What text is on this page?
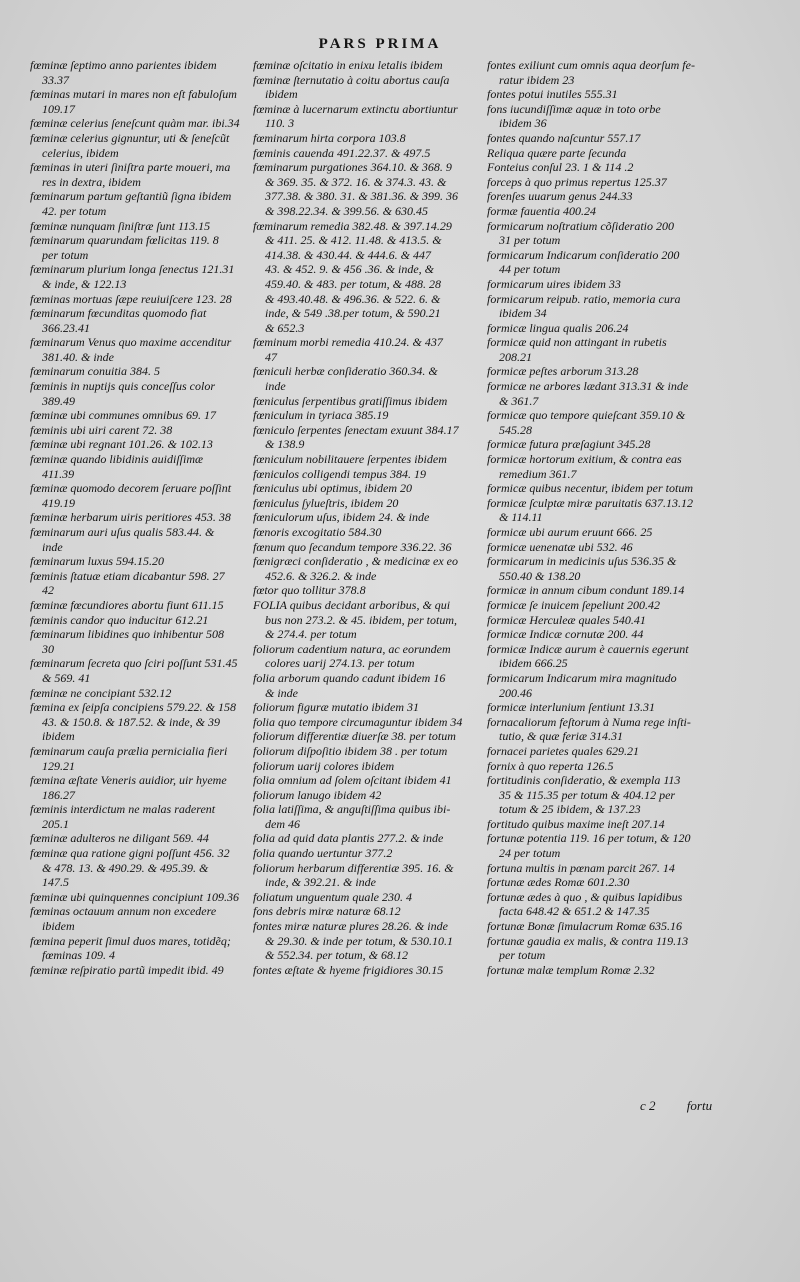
PARS PRIMA
fœminæ ſeptimo anno parientes ibidem
33.37
fœminas mutari in mares non eſt fabuloſum
109.17
fœminæ celerius ſeneſcunt quàm mar. ibi.34
fœminæ celerius gignuntur, uti & ſeneſcũt
celerius, ibidem
fœminas in uteri ſiniſtra parte moueri, ma
res in dextra, ibidem
fœminarum partum geſtantiũ ſigna ibidem
42. per totum
fœminæ nunquam ſiniſtræ ſunt 113.15
fœminarum quarundam fœlicitas 119. 8
per totum
fœminarum plurium longa ſenectus 121.31
& inde, & 122.13
fœminas mortuas ſæpe reuiuiſcere 123. 28
fœminarum fœcunditas quomodo fiat
366.23.41
fœminarum Venus quo maxime accenditur
381.40. & inde
fœminarum conuitia 384. 5
fœminis in nuptijs quis conceſſus color
389.49
fœminæ ubi communes omnibus 69. 17
fœminis ubi uiri carent 72. 38
fœminæ ubi regnant 101.26. & 102.13
fœminæ quando libidinis auidiſſimæ
411.39
fœminæ quomodo decorem ſeruare poſſint
419.19
fœminæ herbarum uiris peritiores 453. 38
fœminarum auri uſus qualis 583.44. &
inde
fœminarum luxus 594.15.20
fœminis ſtatuæ etiam dicabantur 598. 27
42
fœminæ fœcundiores abortu fiunt 611.15
fœminis candor quo inducitur 612.21
fœminarum libidines quo inhibentur 508
30
fœminarum ſecreta quo ſciri poſſunt 531.45
& 569. 41
fœminæ ne concipiant 532.12
fœmina ex ſeipſa concipiens 579.22. & 158
43. & 150.8. & 187.52. & inde, & 39
ibidem
fœminarum cauſa prælia pernicialia fieri
129.21
fœmina æſtate Veneris auidior, uir hyeme
186.27
fœminis interdictum ne malas raderent
205.1
fœminæ adulteros ne diligant 569. 44
fœminæ qua ratione gigni poſſunt 456. 32
& 478. 13. & 490.29. & 495.39. &
147.5
fœminæ ubi quinquennes concipiunt 109.36
fœminas octauum annum non excedere
ibidem
fœmina peperit ſimul duos mares, totidẽq;
fœminas 109. 4
fœminæ reſpiratio partũ impedit ibid. 49
fœminæ oſcitatio in enixu letalis ibidem
fœminæ ſternutatio à coitu abortus cauſa
ibidem
fœminæ à lucernarum extinctu abortiuntur
110. 3
fœminarum hirta corpora 103.8
fœminis cauenda 491.22.37. & 497.5
fœminarum purgationes 364.10. & 368. 9
& 369. 35. & 372. 16. & 374.3. 43. &
377.38. & 380. 31. & 381.36. & 399. 36
& 398.22.34. & 399.56. & 630.45
fœminarum remedia 382.48. & 397.14.29
& 411. 25. & 412. 11.48. & 413.5. &
414.38. & 430.44. & 444.6. & 447
43. & 452. 9. & 456 .36. & inde, &
459.40. & 483. per totum, & 488. 28
& 493.40.48. & 496.36. & 522. 6. &
inde, & 549 .38.per totum, & 590.21
& 652.3
fœminum morbi remedia 410.24. & 437
47
fœniculi herbæ conſideratio 360.34. &
inde
fœniculus ſerpentibus gratiſſimus ibidem
fœniculum in tyriaca 385.19
fœniculo ſerpentes ſenectam exuunt 384.17
& 138.9
fœniculum nobilitauere ſerpentes ibidem
fœniculos colligendi tempus 384. 19
fœniculus ubi optimus, ibidem 20
fœniculus ſylueſtris, ibidem 20
fœniculorum uſus, ibidem 24. & inde
fœnoris excogitatio 584.30
fœnum quo ſecandum tempore 336.22. 36
fœnigræci conſideratio , & medicinæ ex eo
452.6. & 326.2. & inde
fœtor quo tollitur 378.8
FOLIA quibus decidant arboribus, & qui
bus non 273.2. & 45. ibidem, per totum,
& 274.4. per totum
foliorum cadentium natura, ac eorundem
colores uarij 274.13. per totum
folia arborum quando cadunt ibidem 16
& inde
foliorum figuræ mutatio ibidem 31
folia quo tempore circumaguntur ibidem 34
foliorum differentiæ diuerſæ 38. per totum
foliorum diſpoſitio ibidem 38 . per totum
foliorum uarij colores ibidem
folia omnium ad ſolem oſcitant ibidem 41
foliorum lanugo ibidem 42
folia latiſſima, & anguſtiſſima quibus ibi-
dem 46
folia ad quid data plantis 277.2. & inde
folia quando uertuntur 377.2
foliorum herbarum differentiæ 395. 16. &
inde, & 392.21. & inde
foliatum unguentum quale 230. 4
fons debris miræ naturæ 68.12
fontes miræ naturæ plures 28.26. & inde
& 29.30. & inde per totum, & 530.10.1
& 552.34. per totum, & 68.12
fontes æſtate & hyeme frigidiores 30.15
fontes exiliunt cum omnis aqua deorſum fe-
ratur ibidem 23
fontes potui inutiles 555.31
fons iucundiſſimæ aquæ in toto orbe
ibidem 36
fontes quando naſcuntur 557.17
Reliqua quære parte ſecunda
Fonteius conſul 23. 1 & 114 .2
forceps à quo primus repertus 125.37
forenſes uuarum genus 244.33
formæ fauentia 400.24
formicarum noſtratium cõſideratio 200
31 per totum
formicarum Indicarum conſideratio 200
44 per totum
formicarum uires ibidem 33
formicarum reipub. ratio, memoria cura
ibidem 34
formicæ lingua qualis 206.24
formicæ quid non attingant in rubetis
208.21
formicæ peſtes arborum 313.28
formicæ ne arbores lædant 313.31 & inde
& 361.7
formicæ quo tempore quieſcant 359.10 &
545.28
formicæ futura præſagiunt 345.28
formicæ hortorum exitium, & contra eas
remedium 361.7
formicæ quibus necentur, ibidem per totum
formicæ ſculptæ miræ paruitatis 637.13.12
& 114.11
formicæ ubi aurum eruunt 666. 25
formicæ uenenatæ ubi 532. 46
formicarum in medicinis uſus 536.35 &
550.40 & 138.20
formicæ in annum cibum condunt 189.14
formicæ ſe inuicem ſepeliunt 200.42
formicæ Herculeæ quales 540.41
formicæ Indicæ cornutæ 200. 44
formicæ Indicæ aurum è cauernis egerunt
ibidem 666.25
formicarum Indicarum mira magnitudo
200.46
formicæ interlunium ſentiunt 13.31
fornacaliorum feſtorum à Numa rege inſti-
tutio, & quæ feriæ 314.31
fornacei parietes quales 629.21
fornix à quo reperta 126.5
fortitudinis conſideratio, & exempla 113
35 & 115.35 per totum & 404.12 per
totum & 25 ibidem, & 137.23
fortitudo quibus maxime ineſt 207.14
fortunæ potentia 119. 16 per totum, & 120
24 per totum
fortuna multis in pœnam parcit 267. 14
fortunæ ædes Romæ 601.2.30
fortunæ ædes à quo , & quibus lapidibus
facta 648.42 & 651.2 & 147.35
fortunæ Bonæ ſimulacrum Romæ 635.16
fortunæ gaudia ex malis, & contra 119.13
per totum
fortunæ malæ templum Romæ 2.32
c 2 fortu
